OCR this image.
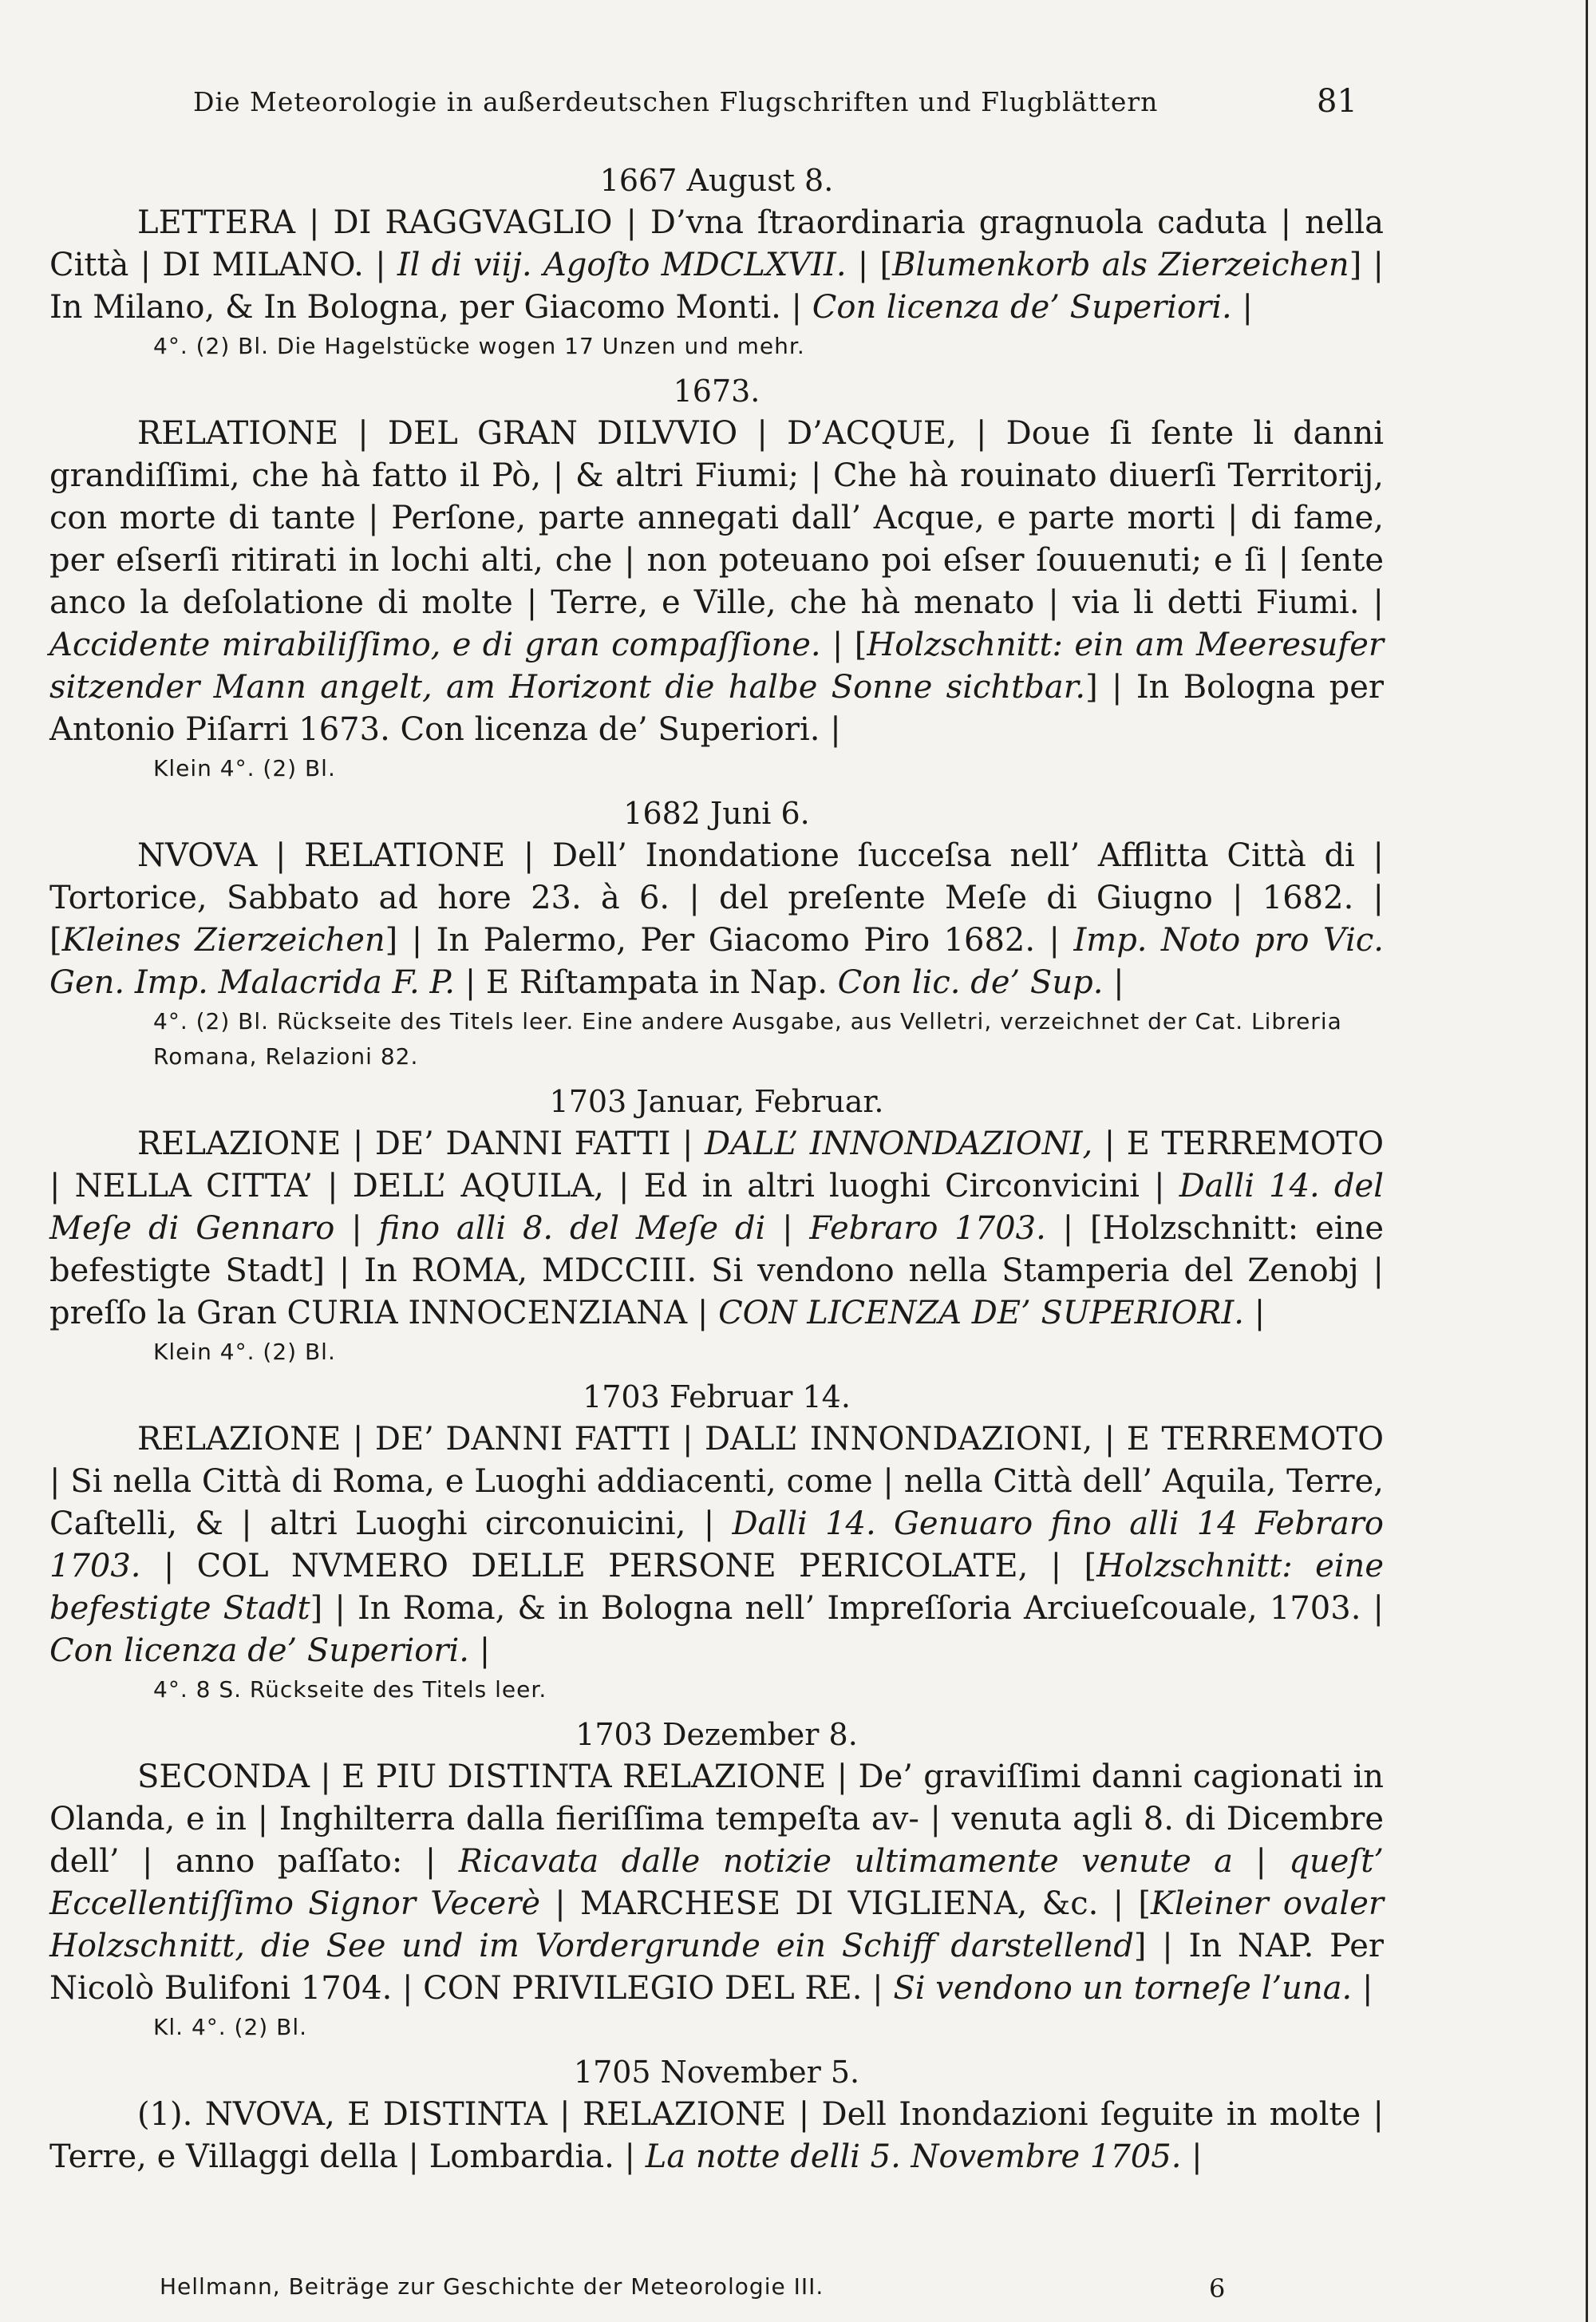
Die Meteorologie in außerdeutschen Flugschriften und Flugblättern	81

1667 August 8.

LETTERA | DI RAGGVAGLIO | D’vna ſtraordinaria gragnuola caduta | nella Città | DI MILANO. | Il di viij. Agoſto MDCLXVII. | [Blumenkorb als Zierzeichen] | In Milano, & In Bologna, per Giacomo Monti. | Con licenza de’ Superiori. |

4°. (2) Bl. Die Hagelstücke wogen 17 Unzen und mehr.

1673.

RELATIONE | DEL GRAN DILVVIO | D’ACQUE, | Doue ſi ſente li danni grandiſſimi, che hà fatto il Pò, | & altri Fiumi; | Che hà rouinato diuerſi Territorij, con morte di tante | Perſone, parte annegati dall’ Acque, e parte morti | di fame, per eſserſi ritirati in lochi alti, che | non poteuano poi eſser ſouuenuti; e ſi | ſente anco la deſolatione di molte | Terre, e Ville, che hà menato | via li detti Fiumi. | Accidente mirabiliſſimo, e di gran compaſſione. | [Holzschnitt: ein am Meeresufer sitzender Mann angelt, am Horizont die halbe Sonne sichtbar.] | In Bologna per Antonio Piſarri 1673. Con licenza de’ Superiori. |

Klein 4°. (2) Bl.

1682 Juni 6.

NVOVA | RELATIONE | Dell’ Inondatione ſucceſsa nell’ Afflitta Città di | Tortorice, Sabbato ad hore 23. à 6. | del preſente Meſe di Giugno | 1682. | [Kleines Zierzeichen] | In Palermo, Per Giacomo Piro 1682. | Imp. Noto pro Vic. Gen. Imp. Malacrida F. P. | E Riſtampata in Nap. Con lic. de’ Sup. |

4°. (2) Bl. Rückseite des Titels leer. Eine andere Ausgabe, aus Velletri, verzeichnet der Cat. Libreria Romana, Relazioni 82.

1703 Januar, Februar.

RELAZIONE | DE’ DANNI FATTI | DALL’ INNONDAZIONI, | E TERREMOTO | NELLA CITTA’ | DELL’ AQUILA, | Ed in altri luoghi Circonvicini | Dalli 14. del Meſe di Gennaro | fino alli 8. del Meſe di | Febraro 1703. | [Holzschnitt: eine befestigte Stadt] | In ROMA, MDCCIII. Si vendono nella Stamperia del Zenobj | preſſo la Gran CURIA INNOCENZIANA | CON LICENZA DE’ SUPERIORI. |

Klein 4°. (2) Bl.

1703 Februar 14.

RELAZIONE | DE’ DANNI FATTI | DALL’ INNONDAZIONI, | E TERREMOTO | Si nella Città di Roma, e Luoghi addiacenti, come | nella Città dell’ Aquila, Terre, Caſtelli, & | altri Luoghi circonuicini, | Dalli 14. Genuaro fino alli 14 Febraro 1703. | COL NVMERO DELLE PERSONE PERICOLATE, | [Holzschnitt: eine befestigte Stadt] | In Roma, & in Bologna nell’ Impreſſoria Arciueſcouale, 1703. | Con licenza de’ Superiori. |

4°. 8 S. Rückseite des Titels leer.

1703 Dezember 8.

SECONDA | E PIU DISTINTA RELAZIONE | De’ graviſſimi danni cagionati in Olanda, e in | Inghilterra dalla fieriſſima tempeſta av- | venuta agli 8. di Dicembre dell’ | anno paſſato: | Ricavata dalle notizie ultimamente venute a | queſt’ Eccellentiſſimo Signor Vecerè | MARCHESE DI VIGLIENA, &c. | [Kleiner ovaler Holzschnitt, die See und im Vordergrunde ein Schiff darstellend] | In NAP. Per Nicolò Bulifoni 1704. | CON PRIVILEGIO DEL RE. | Si vendono un torneſe l’una. |

Kl. 4°. (2) Bl.

1705 November 5.

(1). NVOVA, E DISTINTA | RELAZIONE | Dell Inondazioni ſeguite in molte | Terre, e Villaggi della | Lombardia. | La notte delli 5. Novembre 1705. |

Hellmann, Beiträge zur Geschichte der Meteorologie III.	6
